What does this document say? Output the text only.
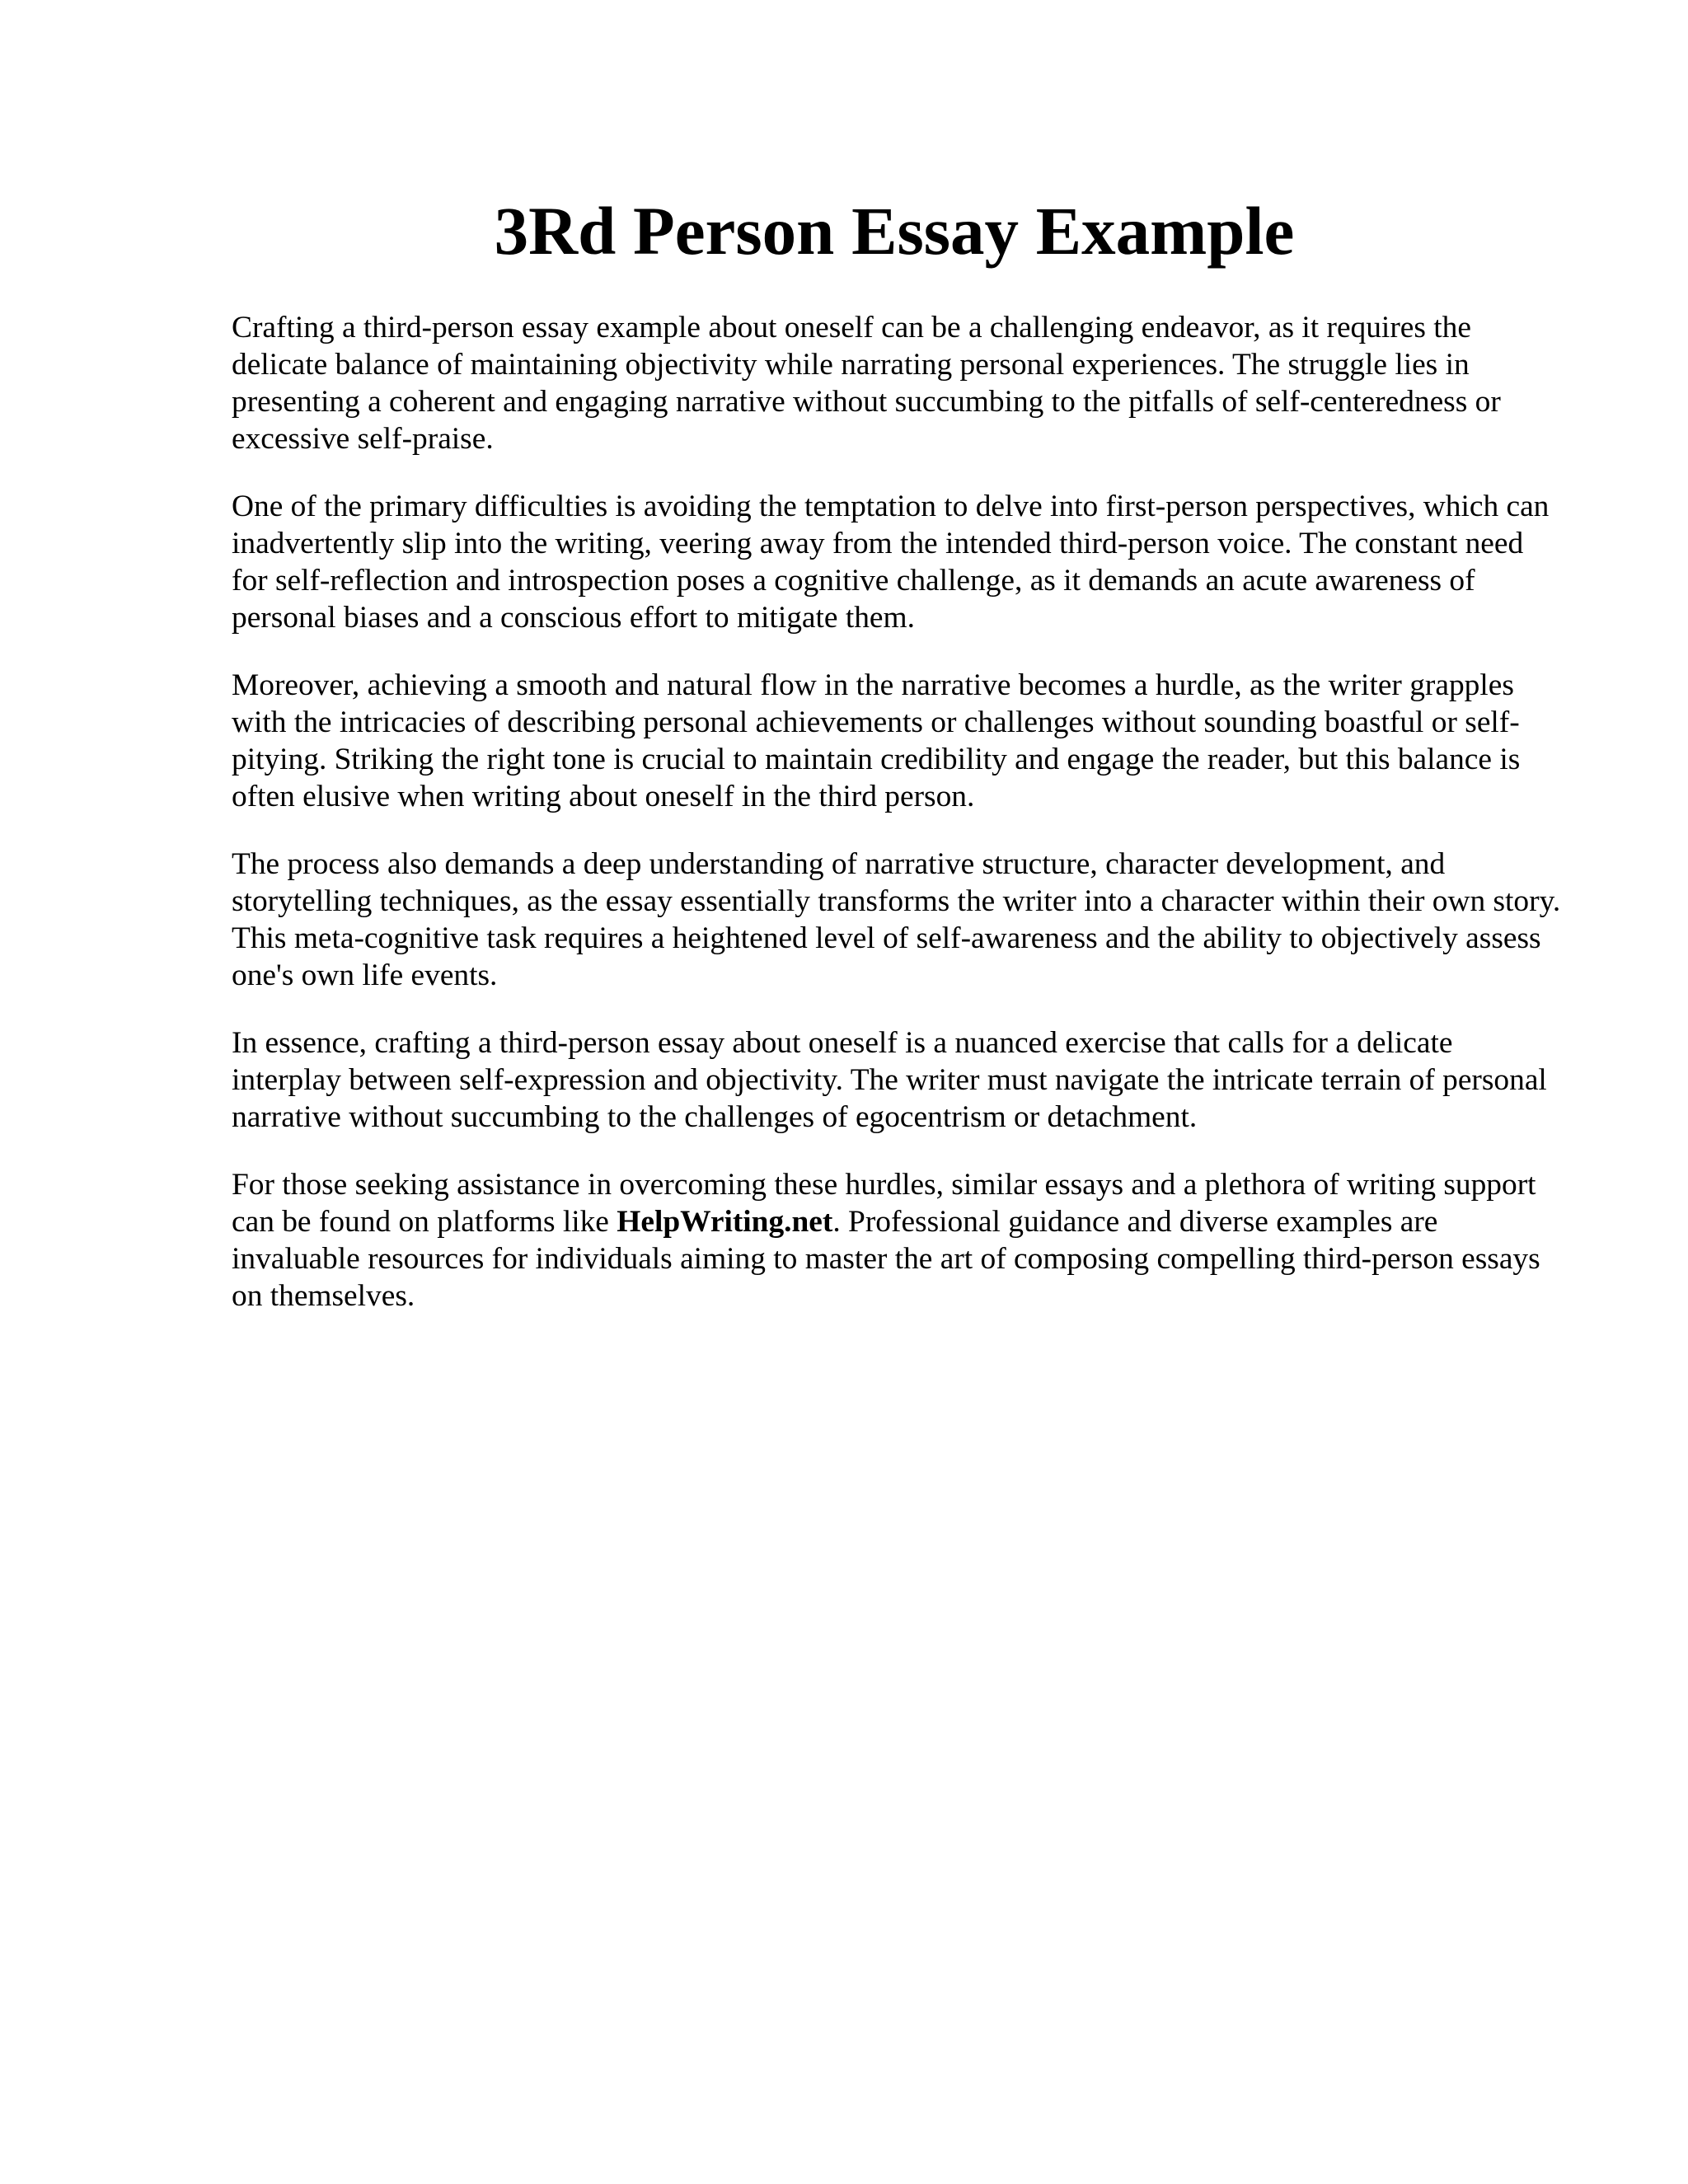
3Rd Person Essay Example

Crafting a third-person essay example about oneself can be a challenging endeavor, as it requires the delicate balance of maintaining objectivity while narrating personal experiences. The struggle lies in presenting a coherent and engaging narrative without succumbing to the pitfalls of self-centeredness or excessive self-praise.

One of the primary difficulties is avoiding the temptation to delve into first-person perspectives, which can inadvertently slip into the writing, veering away from the intended third-person voice. The constant need for self-reflection and introspection poses a cognitive challenge, as it demands an acute awareness of personal biases and a conscious effort to mitigate them.

Moreover, achieving a smooth and natural flow in the narrative becomes a hurdle, as the writer grapples with the intricacies of describing personal achievements or challenges without sounding boastful or self-pitying. Striking the right tone is crucial to maintain credibility and engage the reader, but this balance is often elusive when writing about oneself in the third person.

The process also demands a deep understanding of narrative structure, character development, and storytelling techniques, as the essay essentially transforms the writer into a character within their own story. This meta-cognitive task requires a heightened level of self-awareness and the ability to objectively assess one's own life events.

In essence, crafting a third-person essay about oneself is a nuanced exercise that calls for a delicate interplay between self-expression and objectivity. The writer must navigate the intricate terrain of personal narrative without succumbing to the challenges of egocentrism or detachment.

For those seeking assistance in overcoming these hurdles, similar essays and a plethora of writing support can be found on platforms like HelpWriting.net. Professional guidance and diverse examples are invaluable resources for individuals aiming to master the art of composing compelling third-person essays on themselves.
